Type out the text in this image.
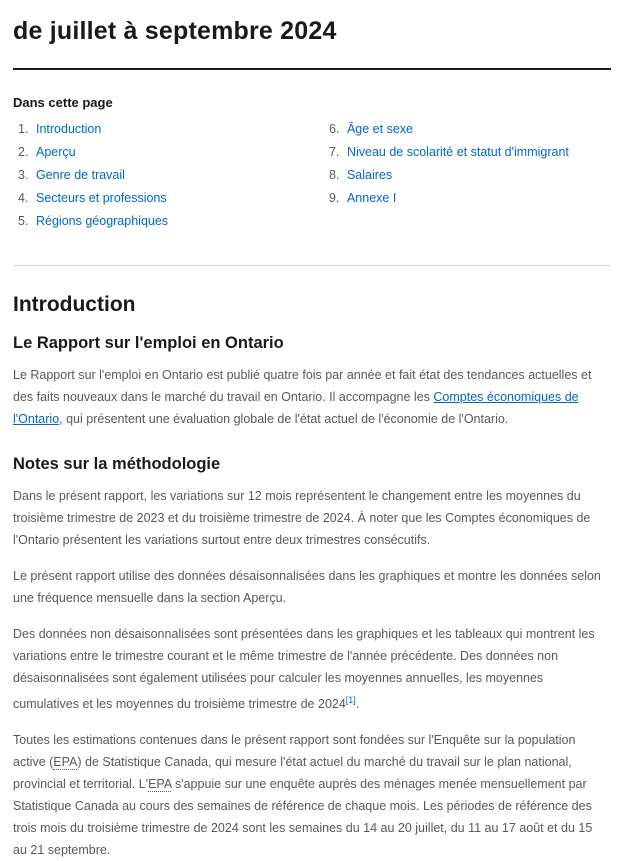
de juillet à septembre 2024
Dans cette page
1. Introduction
2. Aperçu
3. Genre de travail
4. Secteurs et professions
5. Régions géographiques
6. Âge et sexe
7. Niveau de scolarité et statut d'immigrant
8. Salaires
9. Annexe I
Introduction
Le Rapport sur l'emploi en Ontario

Le Rapport sur l'emploi en Ontario est publié quatre fois par année et fait état des tendances actuelles et des faits nouveaux dans le marché du travail en Ontario. Il accompagne les Comptes économiques de l'Ontario, qui présentent une évaluation globale de l'état actuel de l'économie de l'Ontario.

Notes sur la méthodologie

Dans le présent rapport, les variations sur 12 mois représentent le changement entre les moyennes du troisième trimestre de 2023 et du troisième trimestre de 2024. À noter que les Comptes économiques de l'Ontario présentent les variations surtout entre deux trimestres consécutifs.

Le présent rapport utilise des données désaisonnalisées dans les graphiques et montre les données selon une fréquence mensuelle dans la section Aperçu.

Des données non désaisonnalisées sont présentées dans les graphiques et les tableaux qui montrent les variations entre le trimestre courant et le même trimestre de l'année précédente. Des données non désaisonnalisées sont également utilisées pour calculer les moyennes annuelles, les moyennes cumulatives et les moyennes du troisième trimestre de 2024[1].

Toutes les estimations contenues dans le présent rapport sont fondées sur l'Enquête sur la population active (EPA) de Statistique Canada, qui mesure l'état actuel du marché du travail sur le plan national, provincial et territorial. L'EPA s'appuie sur une enquête auprès des ménages menée mensuellement par Statistique Canada au cours des semaines de référence de chaque mois. Les périodes de référence des trois mois du troisième trimestre de 2024 sont les semaines du 14 au 20 juillet, du 11 au 17 août et du 15 au 21 septembre.
